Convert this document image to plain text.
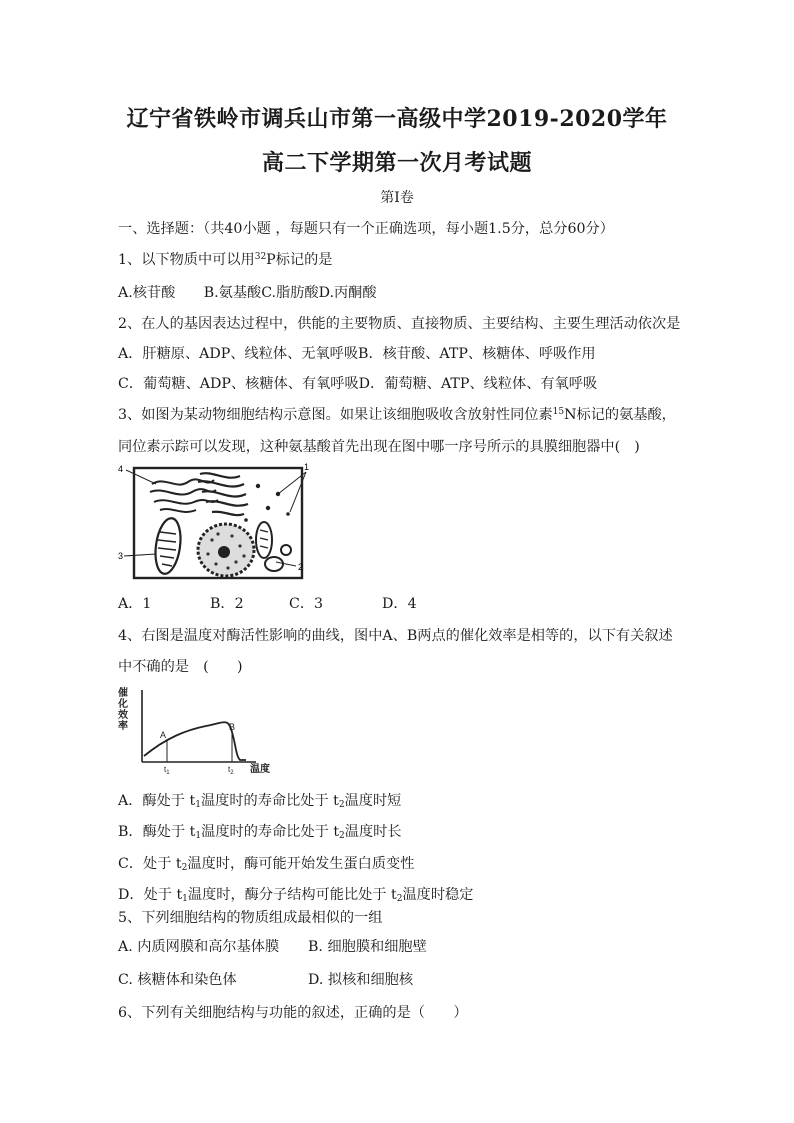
辽宁省铁岭市调兵山市第一高级中学2019-2020学年
高二下学期第一次月考试题
第Ⅰ卷
一、选择题：（共40小题 ，每题只有一个正确选项，每小题1.5分，总分60分）
1、以下物质中可以用$^{32}$P标记的是
A.核苷酸　　B.氨基酸C.脂肪酸D.丙酮酸
2、在人的基因表达过程中，供能的主要物质、直接物质、主要结构、主要生理活动依次是
A．肝糖原、ADP、线粒体、无氧呼吸B．核苷酸、ATP、核糖体、呼吸作用
C．葡萄糖、ADP、核糖体、有氧呼吸D．葡萄糖、ATP、线粒体、有氧呼吸
3、如图为某动物细胞结构示意图。如果让该细胞吸收含放射性同位素$^{15}$N标记的氨基酸，
同位素示踪可以发现，这种氨基酸首先出现在图中哪一序号所示的具膜细胞器中(　)
4	1
3
2
A．1	B．2	C．3	D．4
4、右图是温度对酶活性影响的曲线，图中A、B两点的催化效率是相等的，以下有关叙述
中不确的是　(　　)
催
化
效
率
A
B
$t_1$	$t_2$ 温度
A．酶处于 $t_1$温度时的寿命比处于 $t_2$温度时短
B．酶处于 $t_1$温度时的寿命比处于 $t_2$温度时长
C．处于 $t_2$温度时，酶可能开始发生蛋白质变性
D．处于 $t_1$温度时，酶分子结构可能比处于 $t_2$温度时稳定
5、下列细胞结构的物质组成最相似的一组
A. 内质网膜和高尔基体膜 B. 细胞膜和细胞壁
C. 核糖体和染色体	D. 拟核和细胞核
6、下列有关细胞结构与功能的叙述，正确的是（　　）
